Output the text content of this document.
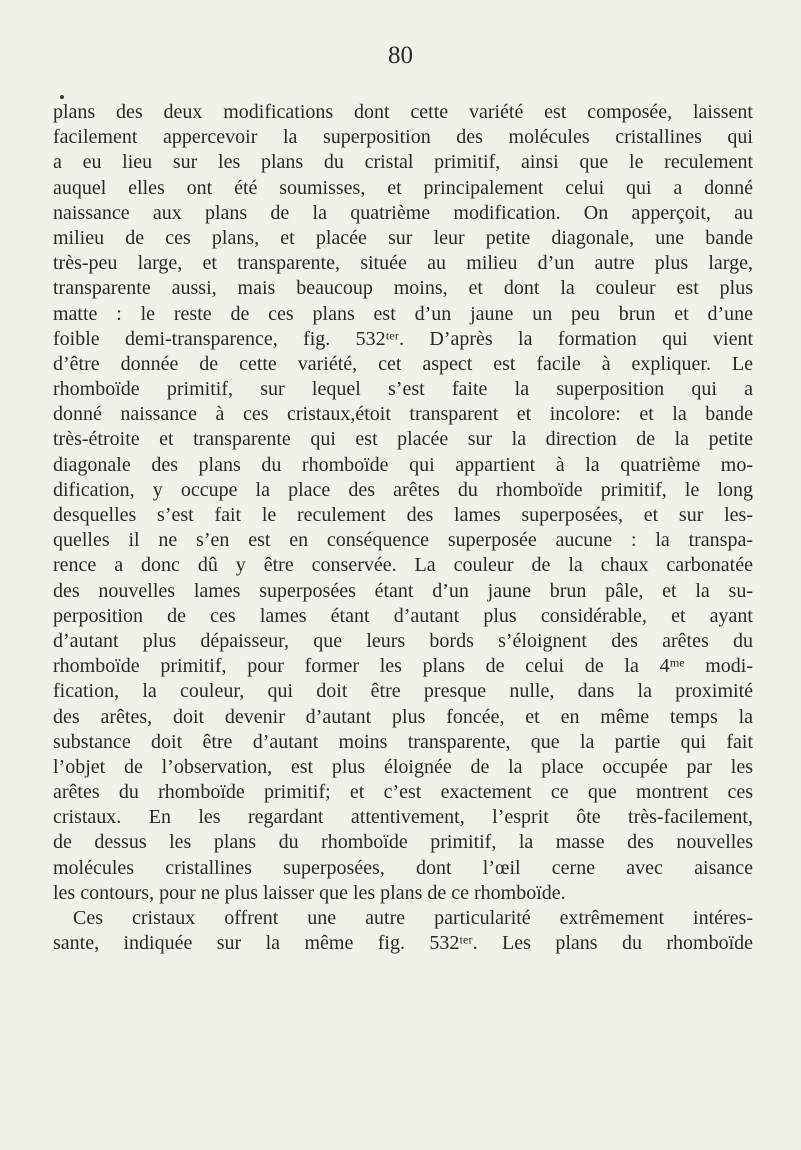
80

plans des deux modifications dont cette variété est composée, laissent
facilement appercevoir la superposition des molécules cristallines qui
a eu lieu sur les plans du cristal primitif, ainsi que le reculement
auquel elles ont été soumisses, et principalement celui qui a donné
naissance aux plans de la quatrième modification. On apperçoit, au
milieu de ces plans, et placée sur leur petite diagonale, une bande
très-peu large, et transparente, située au milieu d’un autre plus large,
transparente aussi, mais beaucoup moins, et dont la couleur est plus
matte : le reste de ces plans est d’un jaune un peu brun et d’une
foible demi-transparence, fig. 532ᵗᵉʳ. D’après la formation qui vient
d’être donnée de cette variété, cet aspect est facile à expliquer. Le
rhomboïde primitif, sur lequel s’est faite la superposition qui a
donné naissance à ces cristaux,étoit transparent et incolore: et la bande
très-étroite et transparente qui est placée sur la direction de la petite
diagonale des plans du rhomboïde qui appartient à la quatrième mo-
dification, y occupe la place des arêtes du rhomboïde primitif, le long
desquelles s’est fait le reculement des lames superposées, et sur les-
quelles il ne s’en est en conséquence superposée aucune : la transpa-
rence a donc dû y être conservée. La couleur de la chaux carbonatée
des nouvelles lames superposées étant d’un jaune brun pâle, et la su-
perposition de ces lames étant d’autant plus considérable, et ayant
d’autant plus dépaisseur, que leurs bords s’éloignent des arêtes du
rhomboïde primitif, pour former les plans de celui de la 4ᵐᵉ modi-
fication, la couleur, qui doit être presque nulle, dans la proximité
des arêtes, doit devenir d’autant plus foncée, et en même temps la
substance doit être d’autant moins transparente, que la partie qui fait
l’objet de l’observation, est plus éloignée de la place occupée par les
arêtes du rhomboïde primitif; et c’est exactement ce que montrent ces
cristaux. En les regardant attentivement, l’esprit ôte très-facilement,
de dessus les plans du rhomboïde primitif, la masse des nouvelles
molécules cristallines superposées, dont l’œil cerne avec aisance
les contours, pour ne plus laisser que les plans de ce rhomboïde.
Ces cristaux offrent une autre particularité extrêmement intéres-
sante, indiquée sur la même fig. 532ᵗᵉʳ. Les plans du rhomboïde
